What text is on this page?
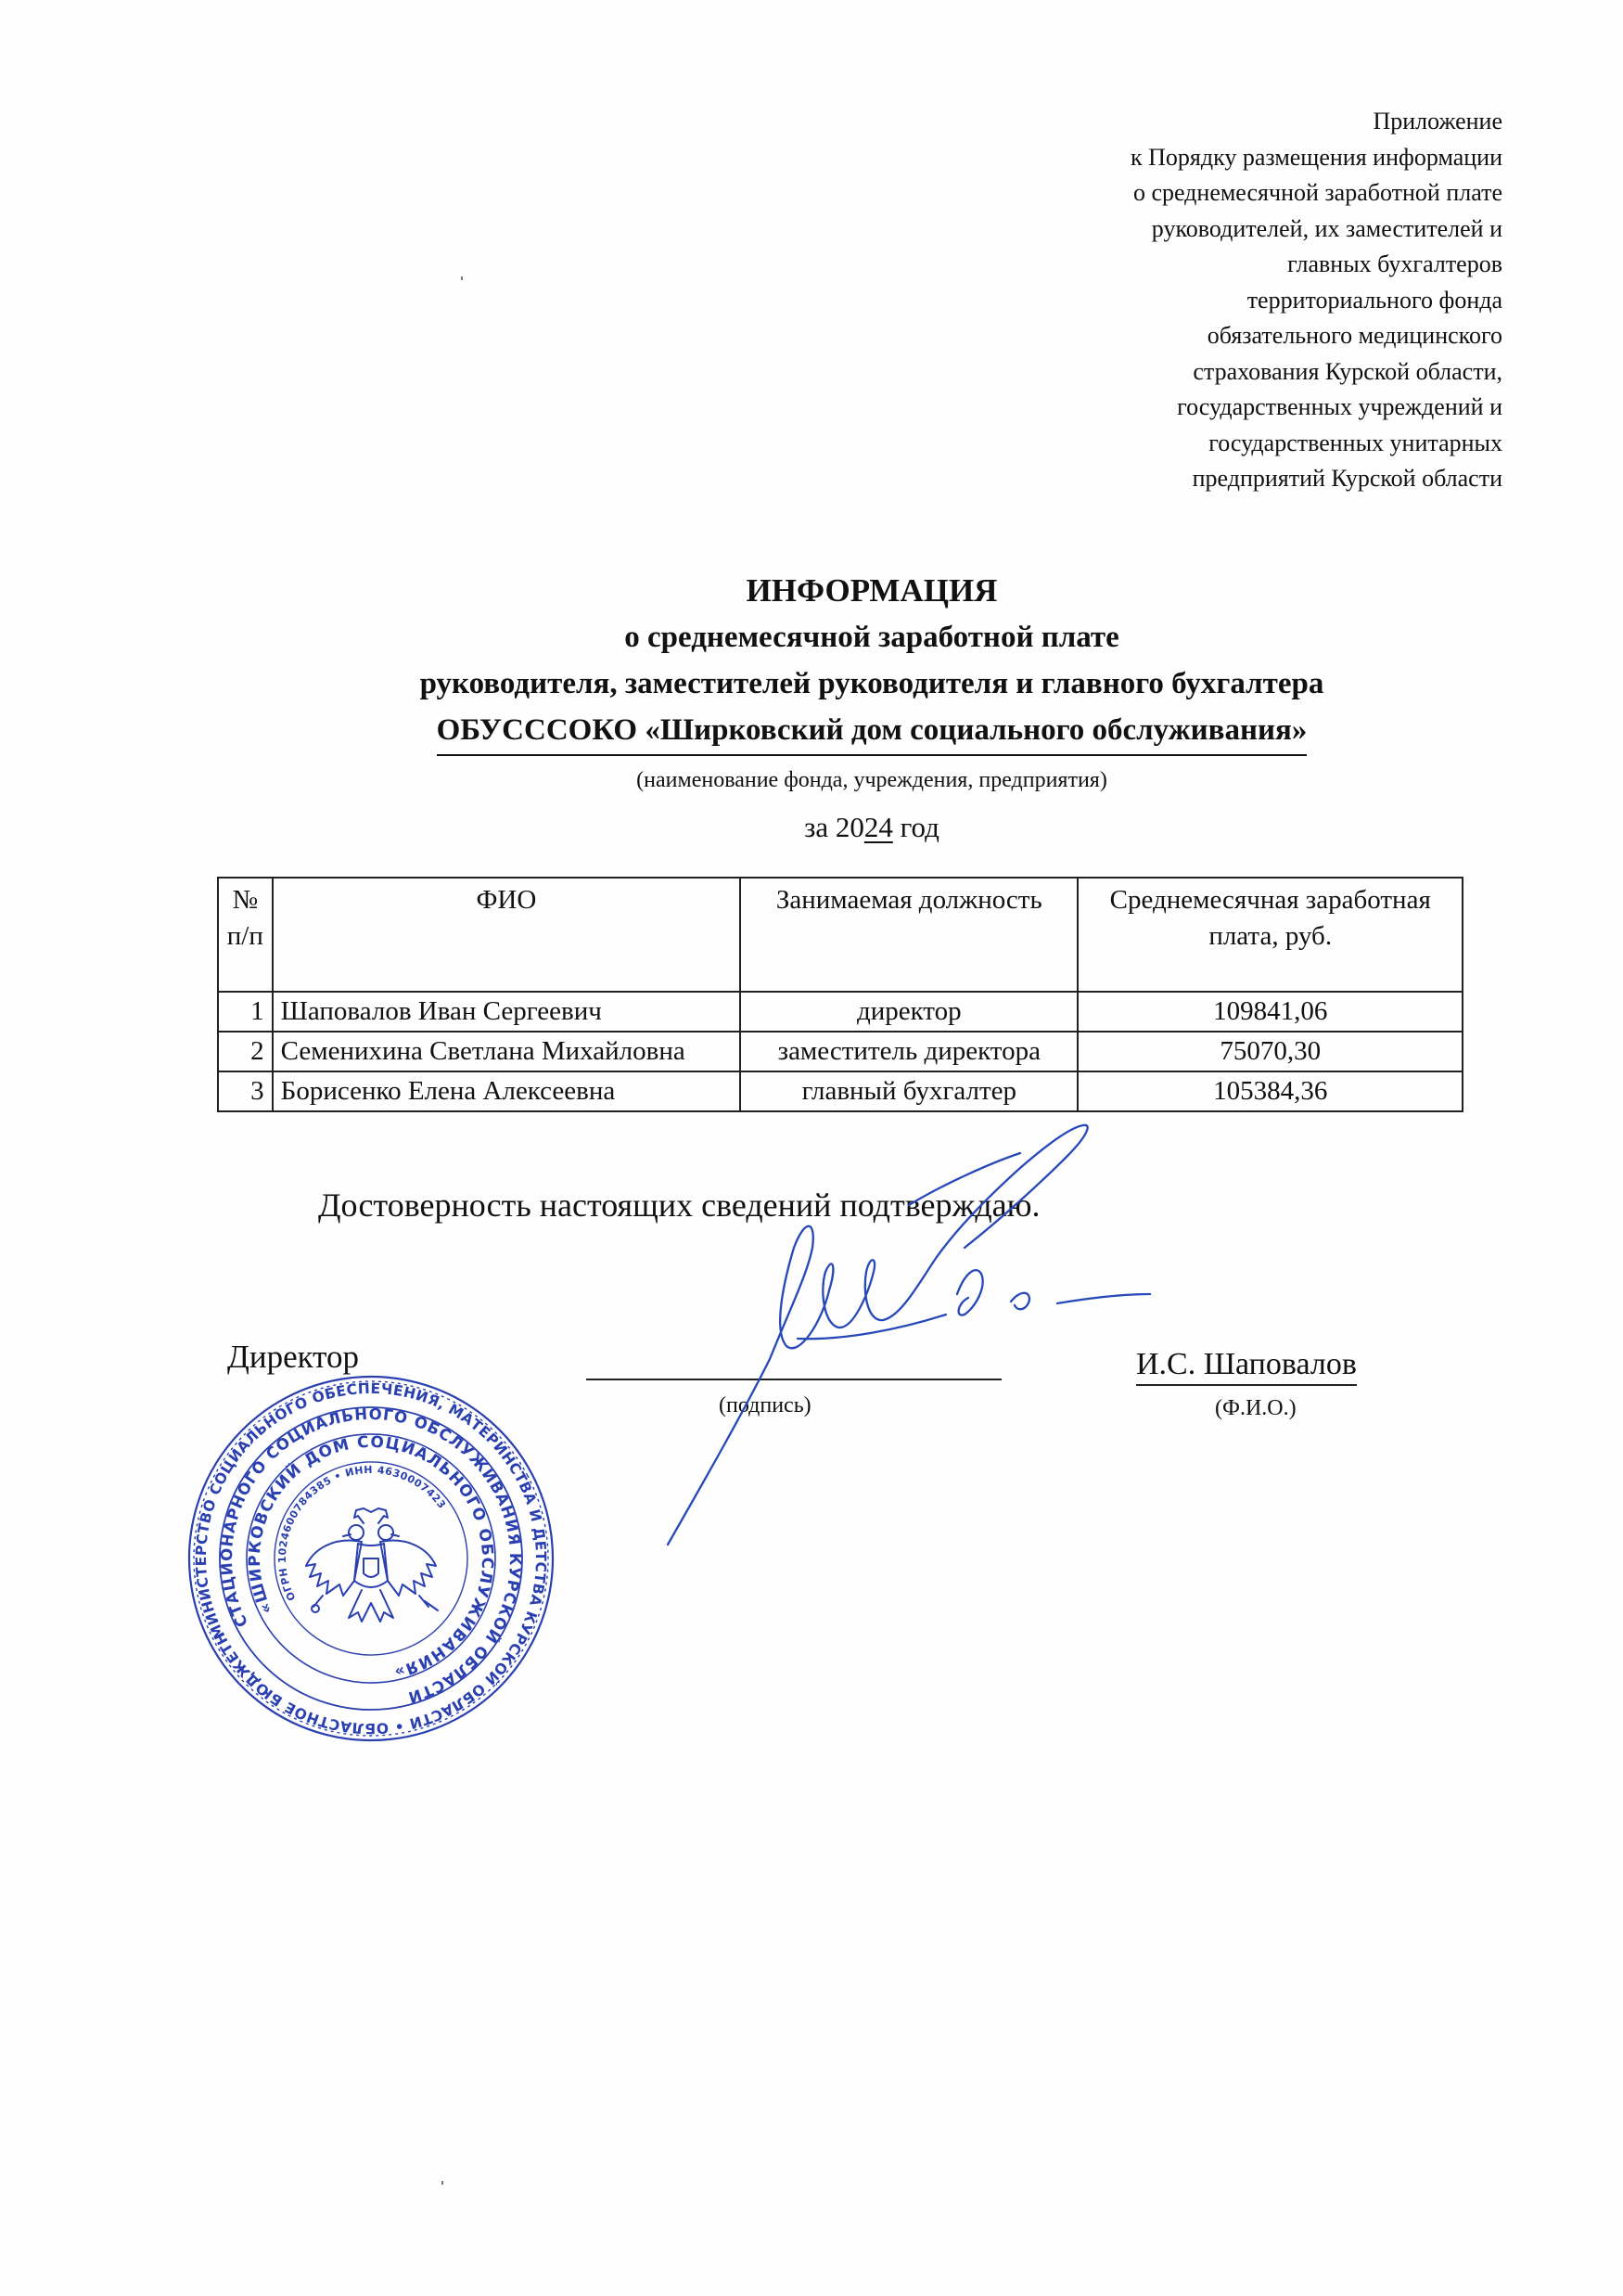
Приложение
к Порядку размещения информации
о среднемесячной заработной плате
руководителей, их заместителей и
главных бухгалтеров
территориального фонда
обязательного медицинского
страхования Курской области,
государственных учреждений и
государственных унитарных
предприятий Курской области
ИНФОРМАЦИЯ
о среднемесячной заработной плате
руководителя, заместителей руководителя и главного бухгалтера
ОБУСССОКО «Ширковский дом социального обслуживания»
(наименование фонда, учреждения, предприятия)
за 2024 год
№ п/п	ФИО	Занимаемая должность	Среднемесячная заработная плата, руб.
1	Шаповалов Иван Сергеевич	директор	109841,06
2	Семенихина Светлана Михайловна	заместитель директора	75070,30
3	Борисенко Елена Алексеевна	главный бухгалтер	105384,36
Достоверность настоящих сведений подтверждаю.
МИНИСТЕРСТВО СОЦИАЛЬНОГО ОБЕСПЕЧЕНИЯ, МАТЕРИНСТВА И ДЕТСТВА КУРСКОЙ ОБЛАСТИ • ОБЛАСТНОЕ БЮДЖЕТНОЕ
СТАЦИОНАРНОГО СОЦИАЛЬНОГО ОБСЛУЖИВАНИЯ КУРСКОЙ ОБЛАСТИ
«ШИРКОВСКИЙ ДОМ СОЦИАЛЬНОГО ОБСЛУЖИВАНИЯ»
ОГРН 1024600784385 • ИНН 4630007423
Директор
(подпись)
И.С. Шаповалов
(Ф.И.О.)
